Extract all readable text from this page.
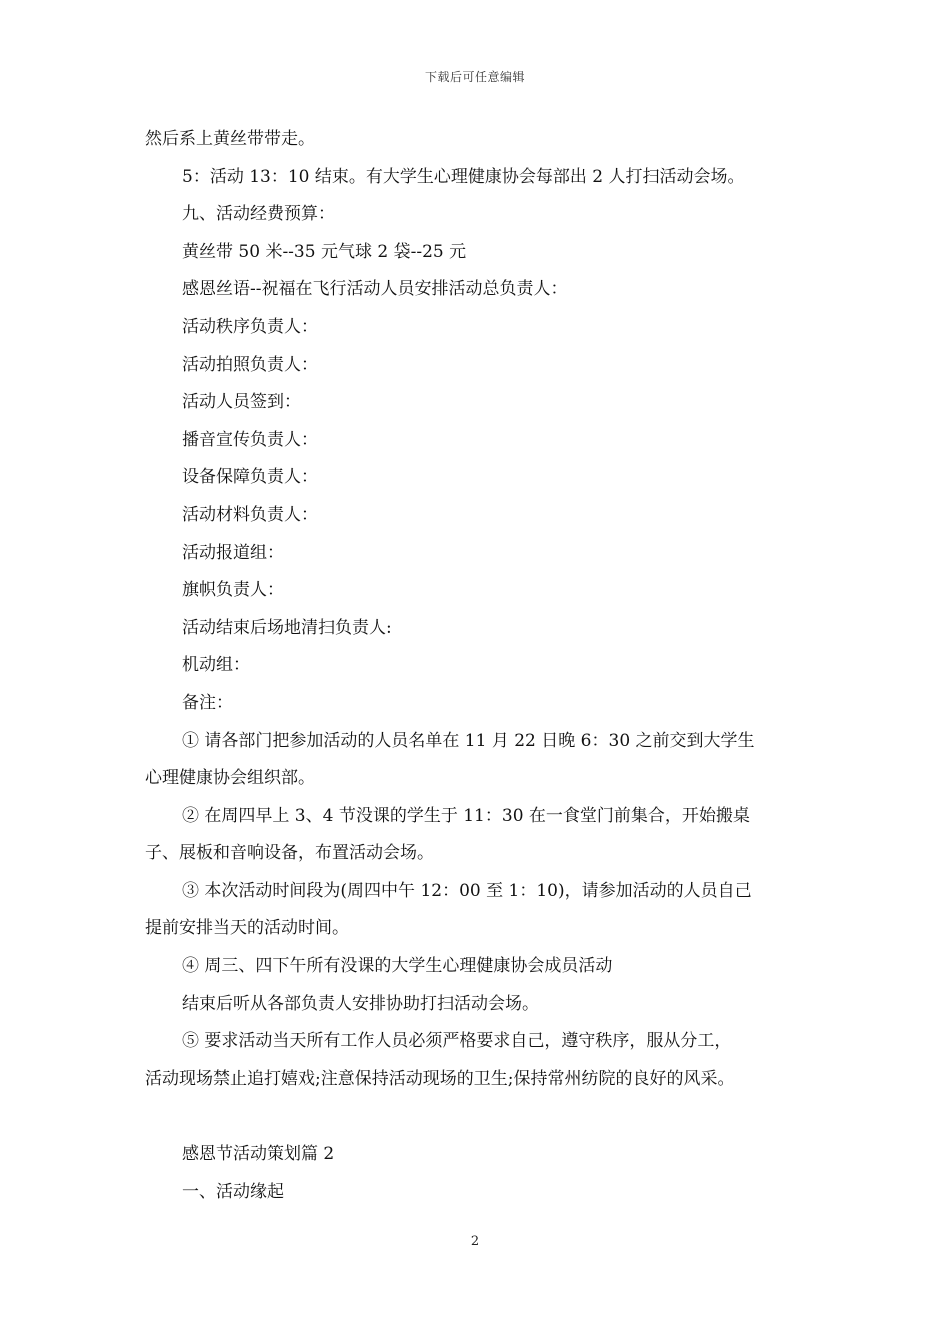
下载后可任意编辑
然后系上黄丝带带走。
5：活动 13：10 结束。有大学生心理健康协会每部出 2 人打扫活动会场。
九、活动经费预算：
黄丝带 50 米--35 元气球 2 袋--25 元
感恩丝语--祝福在飞行活动人员安排活动总负责人：
活动秩序负责人：
活动拍照负责人：
活动人员签到：
播音宣传负责人：
设备保障负责人：
活动材料负责人：
活动报道组：
旗帜负责人：
活动结束后场地清扫负责人:
机动组：
备注：
① 请各部门把参加活动的人员名单在 11 月 22 日晚 6：30 之前交到大学生
心理健康协会组织部。
② 在周四早上 3、4 节没课的学生于 11：30 在一食堂门前集合，开始搬桌
子、展板和音响设备，布置活动会场。
③ 本次活动时间段为(周四中午 12：00 至 1：10)，请参加活动的人员自己
提前安排当天的活动时间。
④ 周三、四下午所有没课的大学生心理健康协会成员活动
结束后听从各部负责人安排协助打扫活动会场。
⑤ 要求活动当天所有工作人员必须严格要求自己，遵守秩序，服从分工，
活动现场禁止追打嬉戏;注意保持活动现场的卫生;保持常州纺院的良好的风采。
感恩节活动策划篇 2
一、活动缘起
2
